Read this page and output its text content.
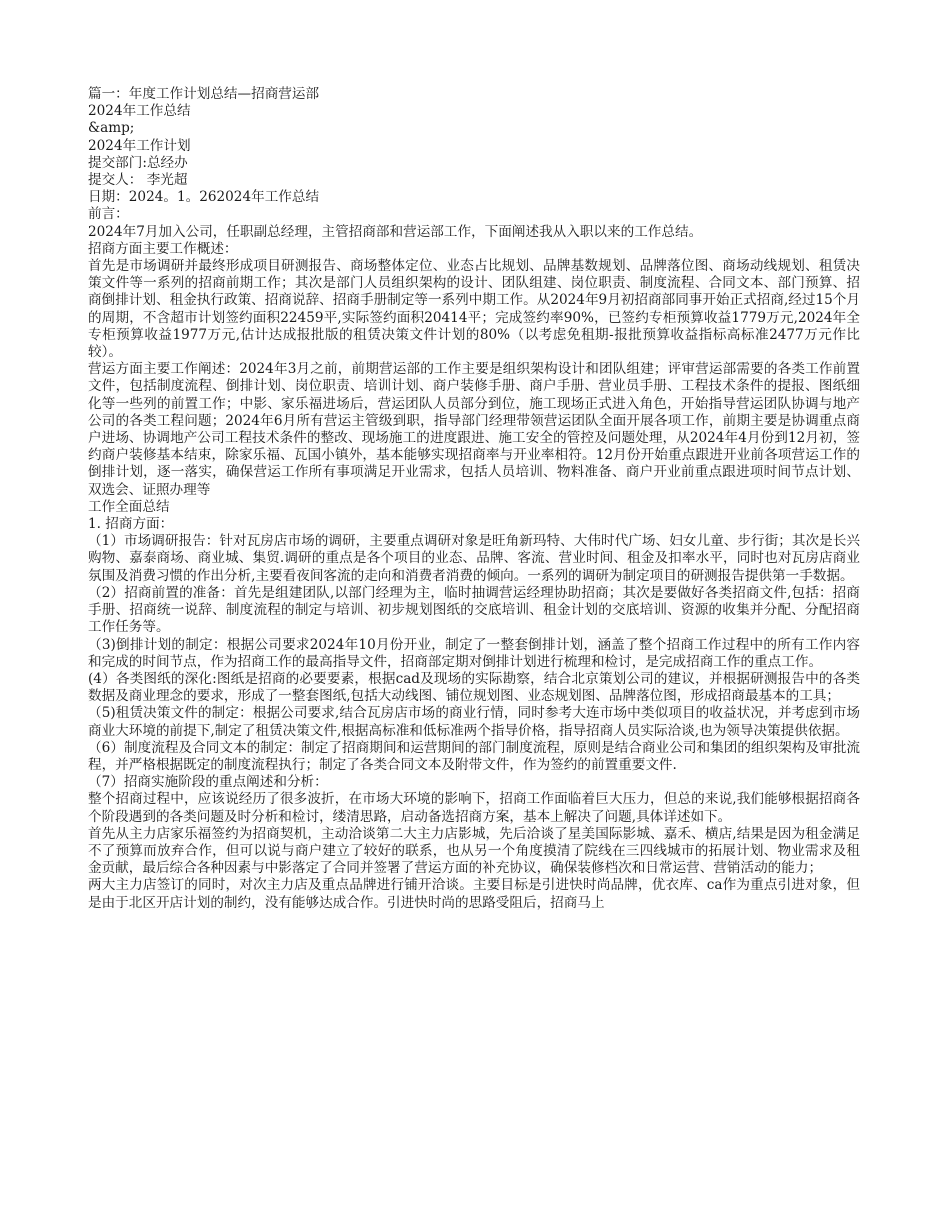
篇一：年度工作计划总结—招商营运部

2024年工作总结

&amp;

2024年工作计划

提交部门:总经办

提交人： 李光超

日期：2024。1。262024年工作总结

前言：

2024年7月加入公司，任职副总经理，主管招商部和营运部工作，下面阐述我从入职以来的工作总结。

招商方面主要工作概述：

首先是市场调研并最终形成项目研测报告、商场整体定位、业态占比规划、品牌基数规划、品牌落位图、商场动线规划、租赁决策文件等一系列的招商前期工作；其次是部门人员组织架构的设计、团队组建、岗位职责、制度流程、合同文本、部门预算、招商倒排计划、租金执行政策、招商说辞、招商手册制定等一系列中期工作。从2024年9月初招商部同事开始正式招商,经过15个月的周期，不含超市计划签约面积22459平,实际签约面积20414平；完成签约率90%，已签约专柜预算收益1779万元,2024年全专柜预算收益1977万元,估计达成报批版的租赁决策文件计划的80%（以考虑免租期-报批预算收益指标高标准2477万元作比较）。

营运方面主要工作阐述：2024年3月之前，前期营运部的工作主要是组织架构设计和团队组建；评审营运部需要的各类工作前置文件，包括制度流程、倒排计划、岗位职责、培训计划、商户装修手册、商户手册、营业员手册、工程技术条件的提报、图纸细化等一些列的前置工作；中影、家乐福进场后，营运团队人员部分到位，施工现场正式进入角色，开始指导营运团队协调与地产公司的各类工程问题；2024年6月所有营运主管级到职，指导部门经理带领营运团队全面开展各项工作，前期主要是协调重点商户进场、协调地产公司工程技术条件的整改、现场施工的进度跟进、施工安全的管控及问题处理，从2024年4月份到12月初，签约商户装修基本结束，除家乐福、瓦国小镇外，基本能够实现招商率与开业率相符。12月份开始重点跟进开业前各项营运工作的倒排计划，逐一落实，确保营运工作所有事项满足开业需求，包括人员培训、物料准备、商户开业前重点跟进项时间节点计划、双选会、证照办理等

工作全面总结

1. 招商方面：

（1）市场调研报告：针对瓦房店市场的调研，主要重点调研对象是旺角新玛特、大伟时代广场、妇女儿童、步行街；其次是长兴购物、嘉泰商场、商业城、集贸.调研的重点是各个项目的业态、品牌、客流、营业时间、租金及扣率水平，同时也对瓦房店商业氛围及消费习惯的作出分析,主要看夜间客流的走向和消费者消费的倾向。一系列的调研为制定项目的研测报告提供第一手数据。

（2）招商前置的准备：首先是组建团队,以部门经理为主，临时抽调营运经理协助招商；其次是要做好各类招商文件,包括：招商手册、招商统一说辞、制度流程的制定与培训、初步规划图纸的交底培训、租金计划的交底培训、资源的收集并分配、分配招商工作任务等。

（3)倒排计划的制定：根据公司要求2024年10月份开业，制定了一整套倒排计划，涵盖了整个招商工作过程中的所有工作内容和完成的时间节点，作为招商工作的最高指导文件，招商部定期对倒排计划进行梳理和检讨，是完成招商工作的重点工作。

(4）各类图纸的深化:图纸是招商的必要要素，根据cad及现场的实际勘察，结合北京策划公司的建议，并根据研测报告中的各类数据及商业理念的要求，形成了一整套图纸,包括大动线图、铺位规划图、业态规划图、品牌落位图，形成招商最基本的工具；

（5)租赁决策文件的制定：根据公司要求,结合瓦房店市场的商业行情，同时参考大连市场中类似项目的收益状况，并考虑到市场商业大环境的前提下,制定了租赁决策文件,根据高标准和低标准两个指导价格，指导招商人员实际洽谈,也为领导决策提供依据。

（6）制度流程及合同文本的制定：制定了招商期间和运营期间的部门制度流程，原则是结合商业公司和集团的组织架构及审批流程，并严格根据既定的制度流程执行；制定了各类合同文本及附带文件，作为签约的前置重要文件.

（7）招商实施阶段的重点阐述和分析：

整个招商过程中，应该说经历了很多波折，在市场大环境的影响下，招商工作面临着巨大压力，但总的来说,我们能够根据招商各个阶段遇到的各类问题及时分析和检讨，缕清思路，启动备选招商方案，基本上解决了问题,具体详述如下。

首先从主力店家乐福签约为招商契机，主动洽谈第二大主力店影城，先后洽谈了星美国际影城、嘉禾、横店,结果是因为租金满足不了预算而放弃合作，但可以说与商户建立了较好的联系，也从另一个角度摸清了院线在三四线城市的拓展计划、物业需求及租金贡献，最后综合各种因素与中影落定了合同并签署了营运方面的补充协议，确保装修档次和日常运营、营销活动的能力；

两大主力店签订的同时，对次主力店及重点品牌进行铺开洽谈。主要目标是引进快时尚品牌，优衣库、ca作为重点引进对象，但是由于北区开店计划的制约，没有能够达成合作。引进快时尚的思路受阻后，招商马上
